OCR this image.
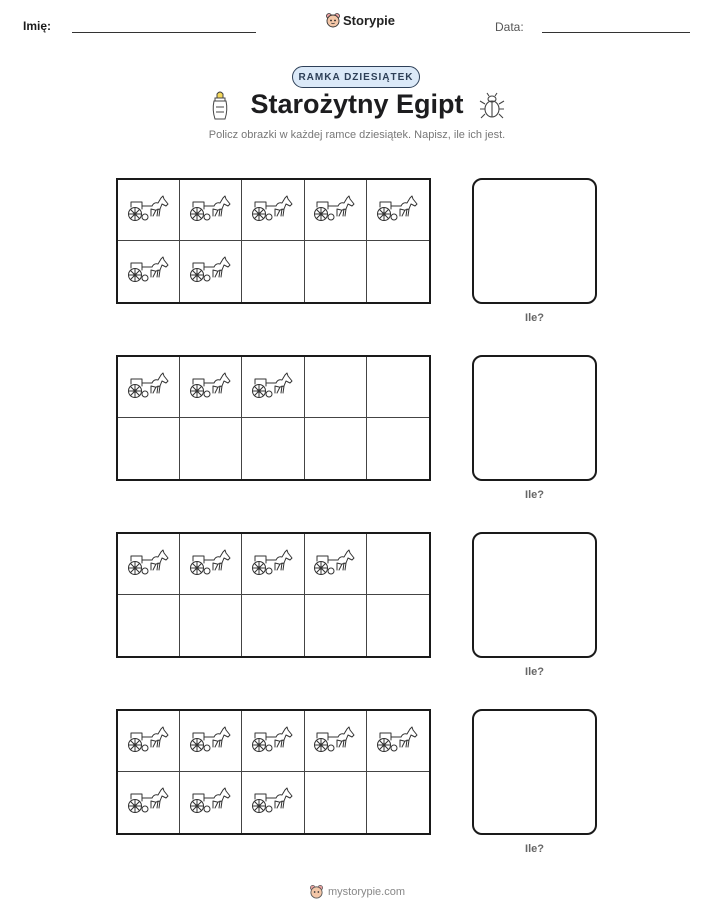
Imię:	Storypie	Data:
RAMKA DZIESIĄTEK
Starożytny Egipt
Policz obrazki w każdej ramce dziesiątek. Napisz, ile ich jest.
Ile?
Ile?
Ile?
Ile?
mystorypie.com
